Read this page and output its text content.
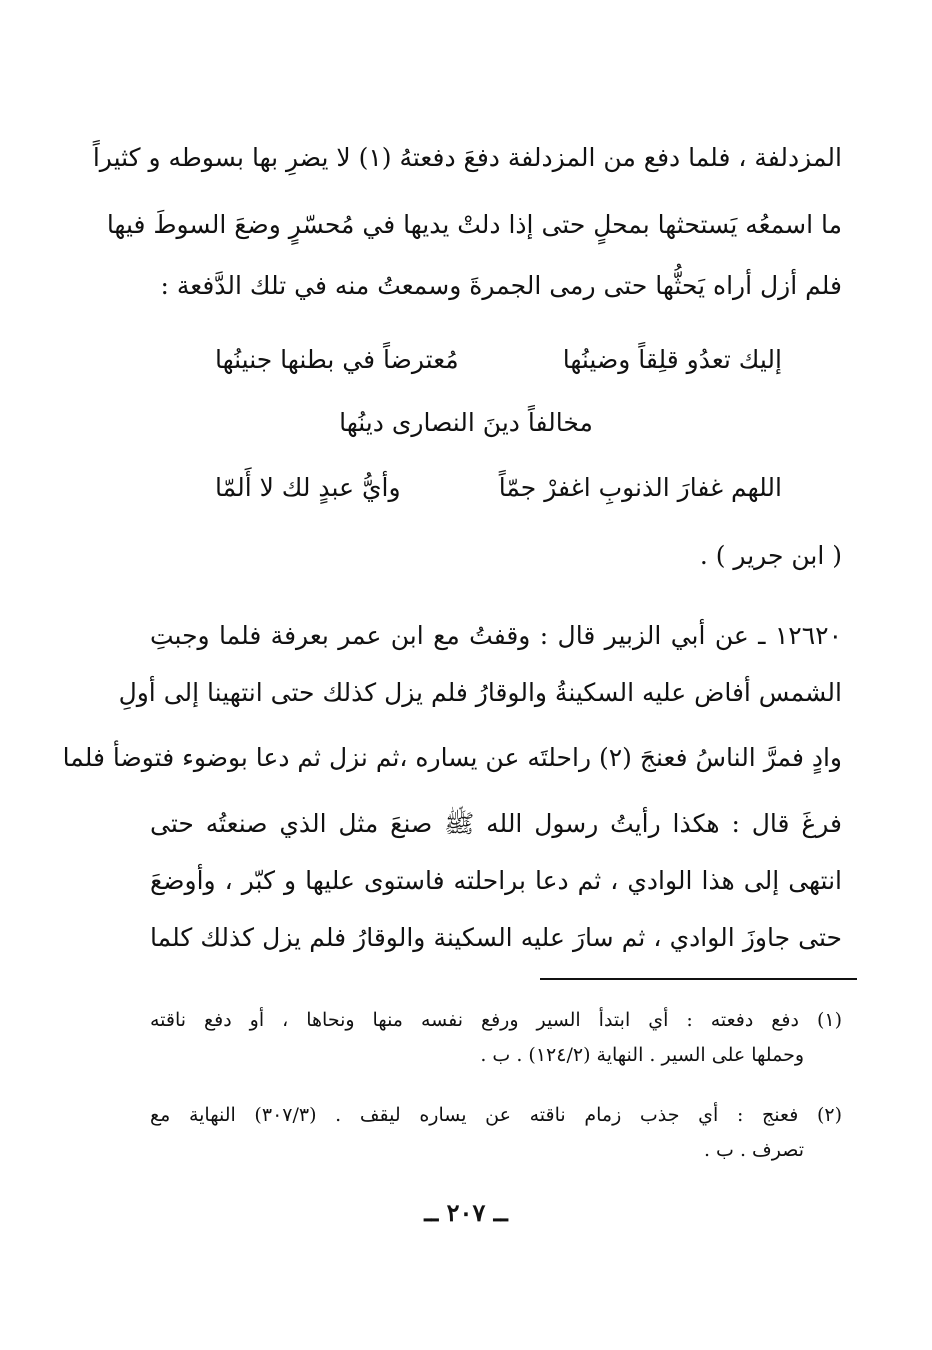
المزدلفة ، فلما دفع من المزدلفة دفعَ دفعتهُ (١) لا يضرِ بها بسوطه و كثيراً
ما اسمعُه يَستحثها بمحلٍ حتى إذا دلتْ يديها في مُحسّرٍ وضعَ السوطَ فيها
فلم أزل أراه يَحثُّها حتى رمى الجمرةَ وسمعتُ منه في تلك الدَّفعة :
إليك تعدُو قلِقاً وضينُها
مُعترضاً في بطنها جنينُها
مخالفاً دينَ النصارى دينُها
اللهم غفارَ الذنوبِ اغفرْ جمّاً
وأيُّ عبدٍ لك لا أَلمّا
( ابن جرير ) .
١٢٦٢٠ ـ عن أبي الزبير قال : وقفتُ مع ابن عمر بعرفة فلما وجبتِ
الشمس أفاض عليه السكينةُ والوقارُ فلم يزل كذلك حتى انتهينا إلى أولِ
وادٍ فمرَّ الناسُ فعنجَ (٢) راحلتَه عن يساره ،ثم نزل ثم دعا بوضوء فتوضأ فلما
فرغَ قال : هكذا رأيتُ رسول الله ﷺ صنعَ مثل الذي صنعتُه حتى
انتهى إلى هذا الوادي ، ثم دعا براحلته فاستوى عليها و كبّر ، وأوضعَ
حتى جاوزَ الوادي ، ثم سارَ عليه السكينة والوقارُ فلم يزل كذلك كلما
(١) دفع دفعته : أي ابتدأ السير ورفع نفسه منها ونحاها ، أو دفع ناقته
وحملها على السير . النهاية (١٢٤/٢) . ب .
(٢) فعنج : أي جذب زمام ناقته عن يساره ليقف . (٣٠٧/٣) النهاية مع
تصرف . ب .
ــ ٢٠٧ ــ
